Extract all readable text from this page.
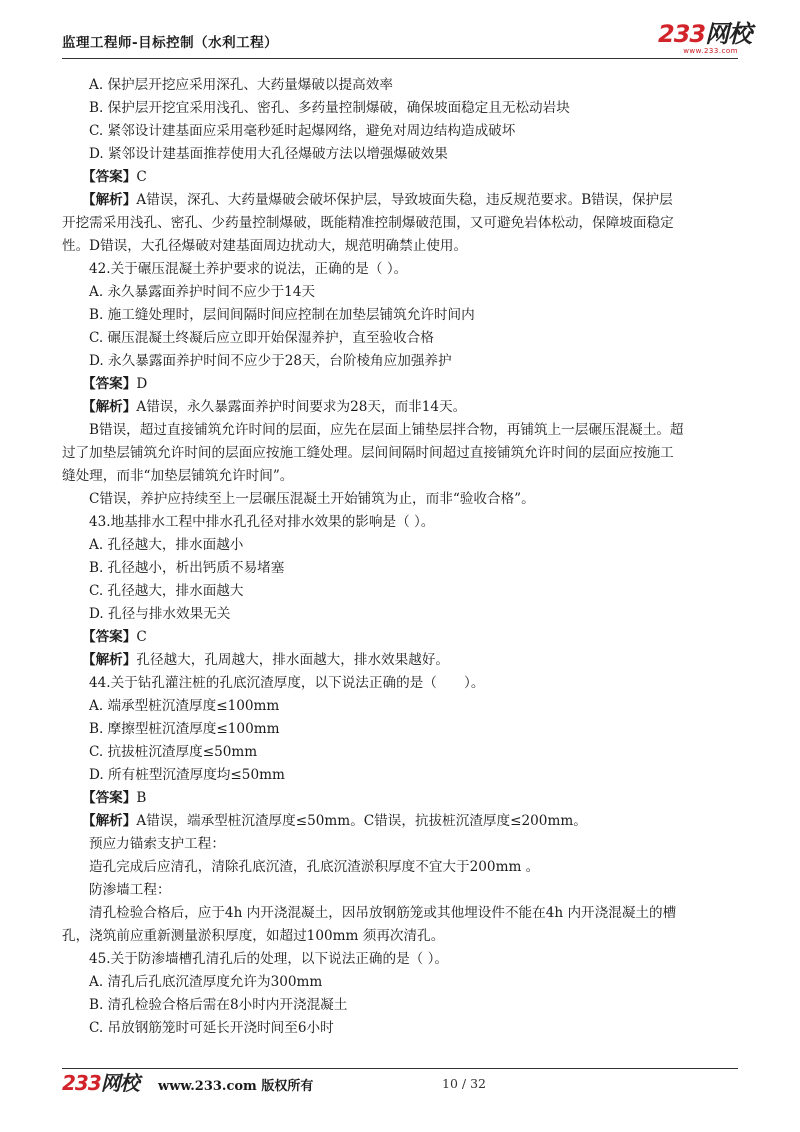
监理工程师-目标控制（水利工程）	233网校
www.233.com
A. 保护层开挖应采用深孔、大药量爆破以提高效率
B. 保护层开挖宜采用浅孔、密孔、多药量控制爆破，确保坡面稳定且无松动岩块
C. 紧邻设计建基面应采用毫秒延时起爆网络，避免对周边结构造成破坏
D. 紧邻设计建基面推荐使用大孔径爆破方法以增强爆破效果
【答案】C
【解析】A错误，深孔、大药量爆破会破坏保护层，导致坡面失稳，违反规范要求。B错误，保护层
开挖需采用浅孔、密孔、少药量控制爆破，既能精准控制爆破范围，又可避免岩体松动，保障坡面稳定
性。D错误，大孔径爆破对建基面周边扰动大，规范明确禁止使用。
42.关于碾压混凝土养护要求的说法，正确的是（ ）。
A. 永久暴露面养护时间不应少于14天
B. 施工缝处理时，层间间隔时间应控制在加垫层铺筑允许时间内
C. 碾压混凝土终凝后应立即开始保湿养护，直至验收合格
D. 永久暴露面养护时间不应少于28天，台阶棱角应加强养护
【答案】D
【解析】A错误，永久暴露面养护时间要求为28天，而非14天。
B错误，超过直接铺筑允许时间的层面，应先在层面上铺垫层拌合物，再铺筑上一层碾压混凝土。超
过了加垫层铺筑允许时间的层面应按施工缝处理。层间间隔时间超过直接铺筑允许时间的层面应按施工
缝处理，而非“加垫层铺筑允许时间”。
C错误，养护应持续至上一层碾压混凝土开始铺筑为止，而非“验收合格”。
43.地基排水工程中排水孔孔径对排水效果的影响是（ ）。
A. 孔径越大，排水面越小
B. 孔径越小，析出钙质不易堵塞
C. 孔径越大，排水面越大
D. 孔径与排水效果无关
【答案】C
【解析】孔径越大，孔周越大，排水面越大，排水效果越好。
44.关于钻孔灌注桩的孔底沉渣厚度，以下说法正确的是（　　）。
A. 端承型桩沉渣厚度≤100mm
B. 摩擦型桩沉渣厚度≤100mm
C. 抗拔桩沉渣厚度≤50mm
D. 所有桩型沉渣厚度均≤50mm
【答案】B
【解析】A错误，端承型桩沉渣厚度≤50mm。C错误，抗拔桩沉渣厚度≤200mm。
预应力锚索支护工程：
造孔完成后应清孔，清除孔底沉渣，孔底沉渣淤积厚度不宜大于200mm 。
防渗墙工程：
清孔检验合格后，应于4h 内开浇混凝土，因吊放钢筋笼或其他埋设件不能在4h 内开浇混凝土的槽
孔，浇筑前应重新测量淤积厚度，如超过100mm 须再次清孔。
45.关于防渗墙槽孔清孔后的处理，以下说法正确的是（ ）。
A. 清孔后孔底沉渣厚度允许为300mm
B. 清孔检验合格后需在8小时内开浇混凝土
C. 吊放钢筋笼时可延长开浇时间至6小时
233网校	www.233.com 版权所有	10 / 32
